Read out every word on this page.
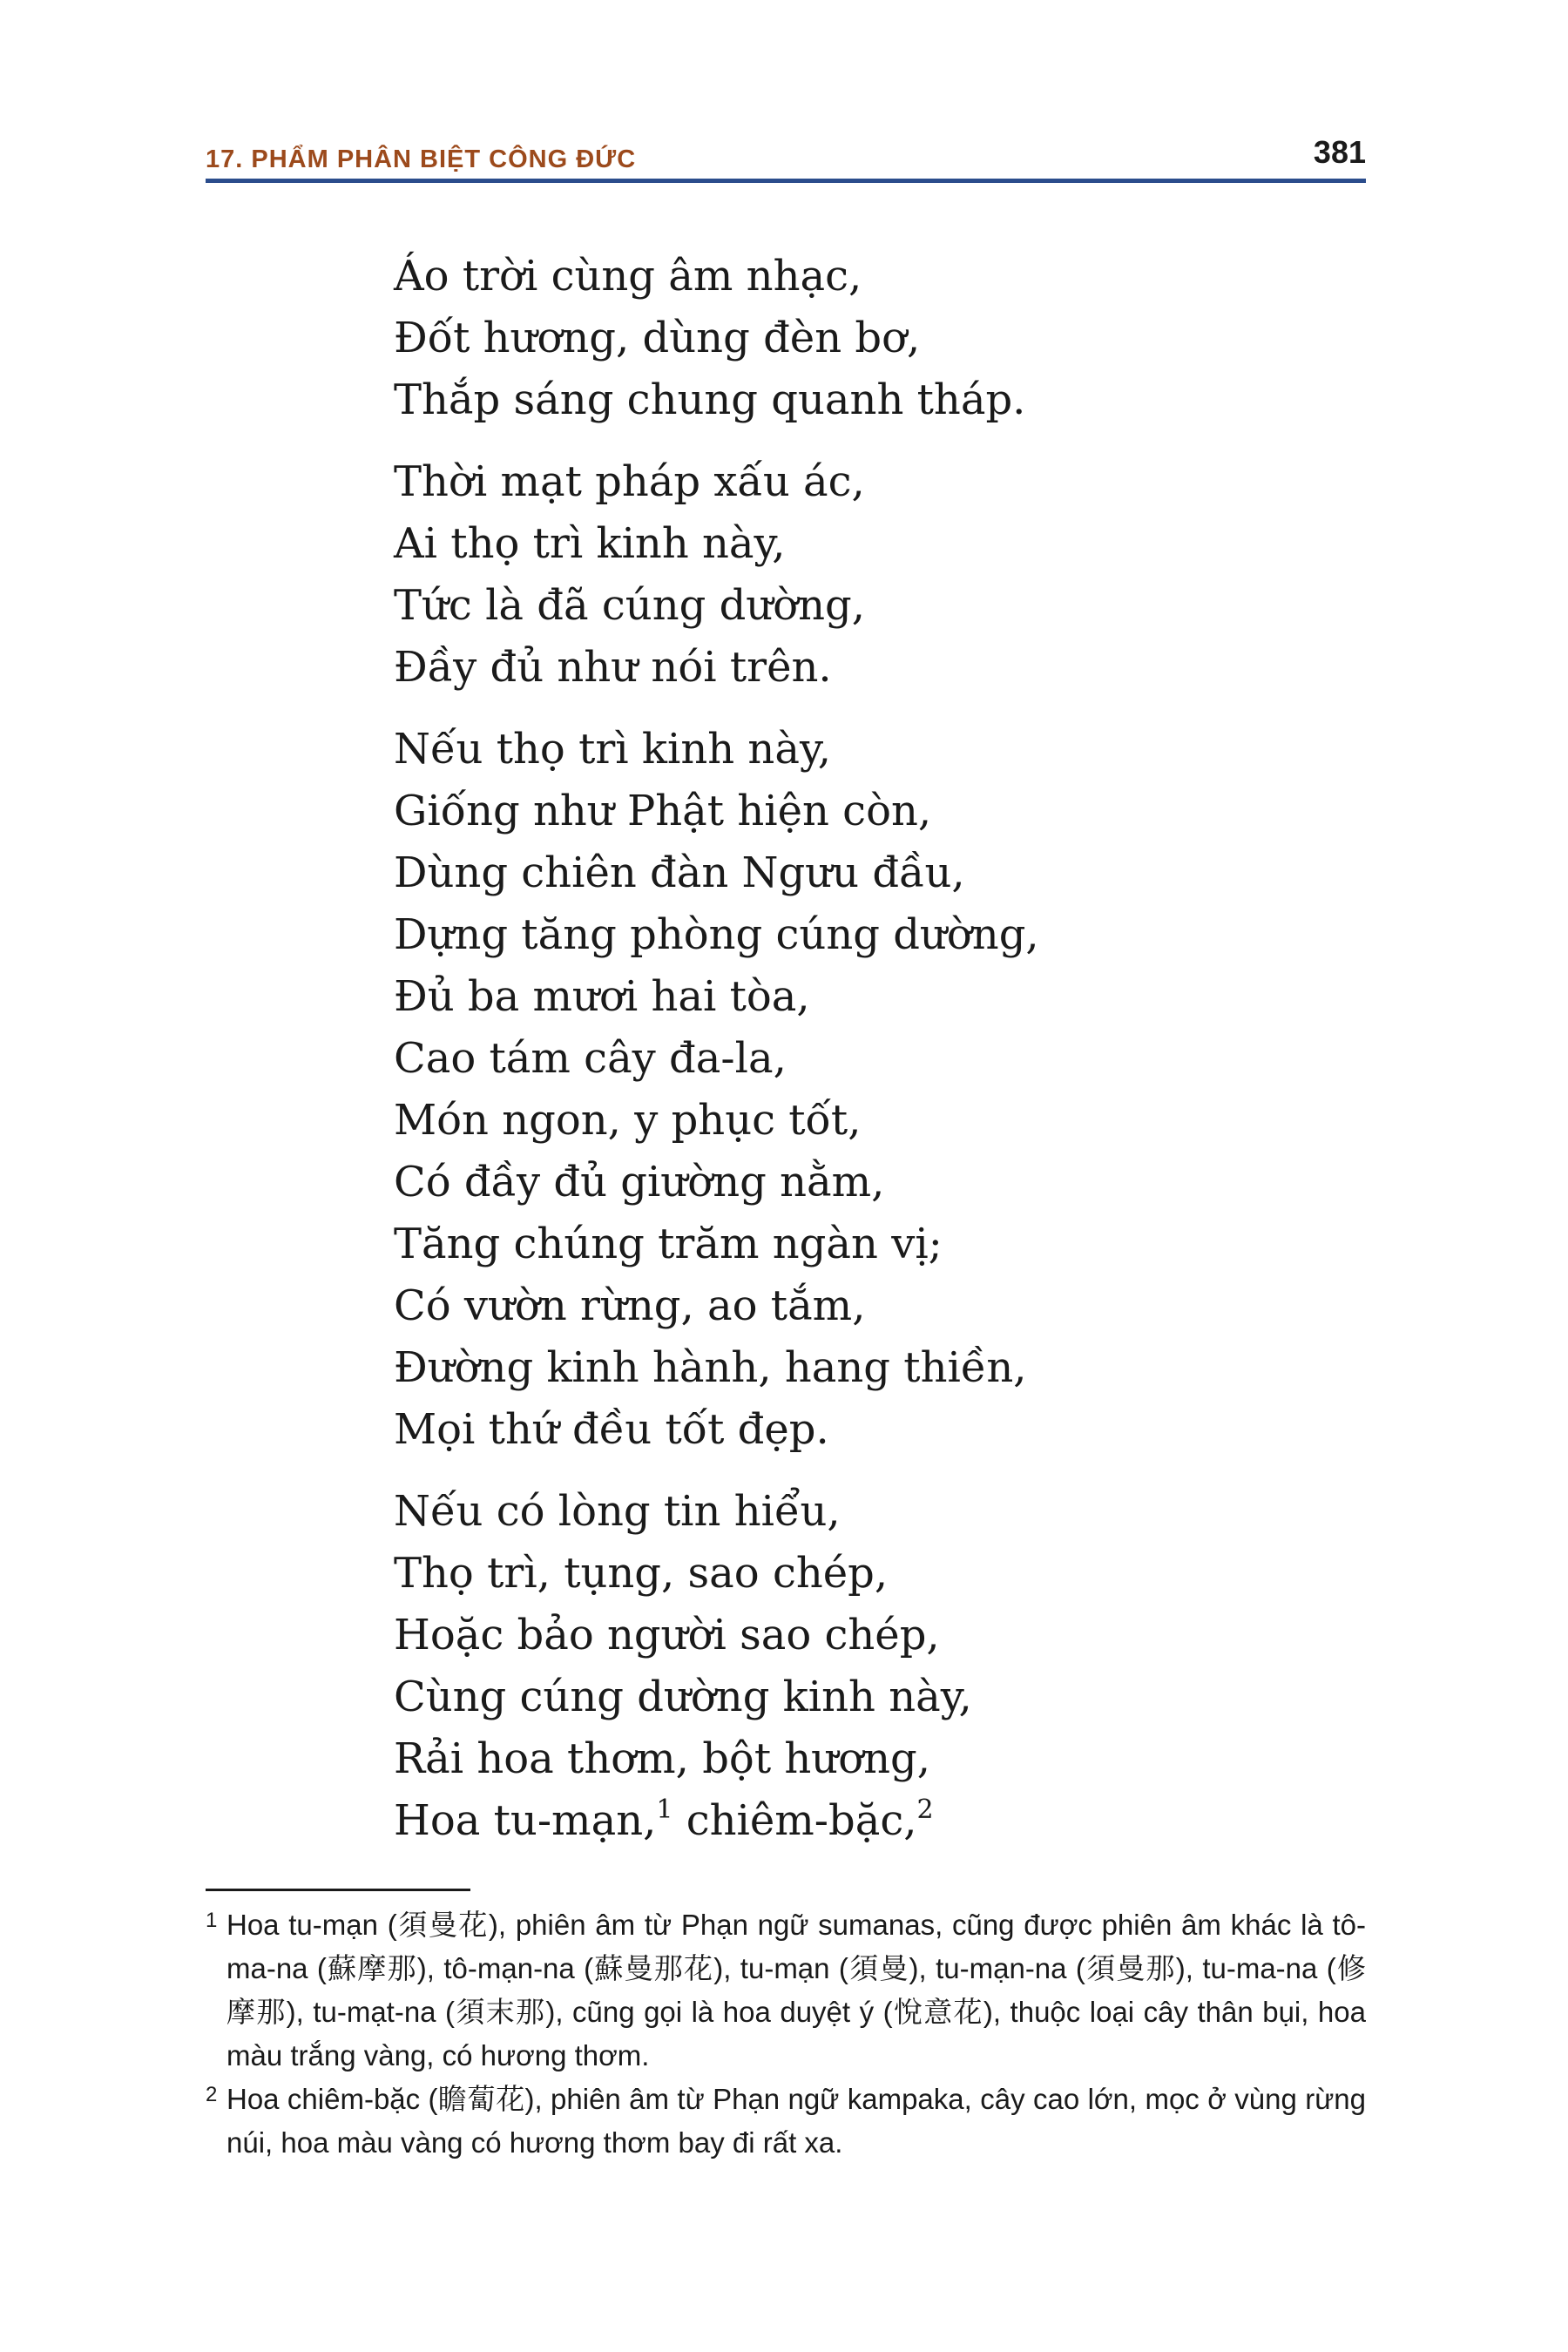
17. PHẨM PHÂN BIỆT CÔNG ĐỨC	381
Áo trời cùng âm nhạc,
Đốt hương, dùng đèn bơ,
Thắp sáng chung quanh tháp.
Thời mạt pháp xấu ác,
Ai thọ trì kinh này,
Tức là đã cúng dường,
Đầy đủ như nói trên.
Nếu thọ trì kinh này,
Giống như Phật hiện còn,
Dùng chiên đàn Ngưu đầu,
Dựng tăng phòng cúng dường,
Đủ ba mươi hai tòa,
Cao tám cây đa-la,
Món ngon, y phục tốt,
Có đầy đủ giường nằm,
Tăng chúng trăm ngàn vị;
Có vườn rừng, ao tắm,
Đường kinh hành, hang thiền,
Mọi thứ đều tốt đẹp.
Nếu có lòng tin hiểu,
Thọ trì, tụng, sao chép,
Hoặc bảo người sao chép,
Cùng cúng dường kinh này,
Rải hoa thơm, bột hương,
Hoa tu-mạn,$^1$ chiêm-bặc,$^2$
1 Hoa tu-mạn (須曼花), phiên âm từ Phạn ngữ sumanas, cũng được phiên âm khác là tô-ma-na (蘇摩那), tô-mạn-na (蘇曼那花), tu-mạn (須曼), tu-mạn-na (須曼那), tu-ma-na (修摩那), tu-mạt-na (須末那), cũng gọi là hoa duyệt ý (悅意花), thuộc loại cây thân bụi, hoa màu trắng vàng, có hương thơm.
2 Hoa chiêm-bặc (瞻蔔花), phiên âm từ Phạn ngữ kampaka, cây cao lớn, mọc ở vùng rừng núi, hoa màu vàng có hương thơm bay đi rất xa.
